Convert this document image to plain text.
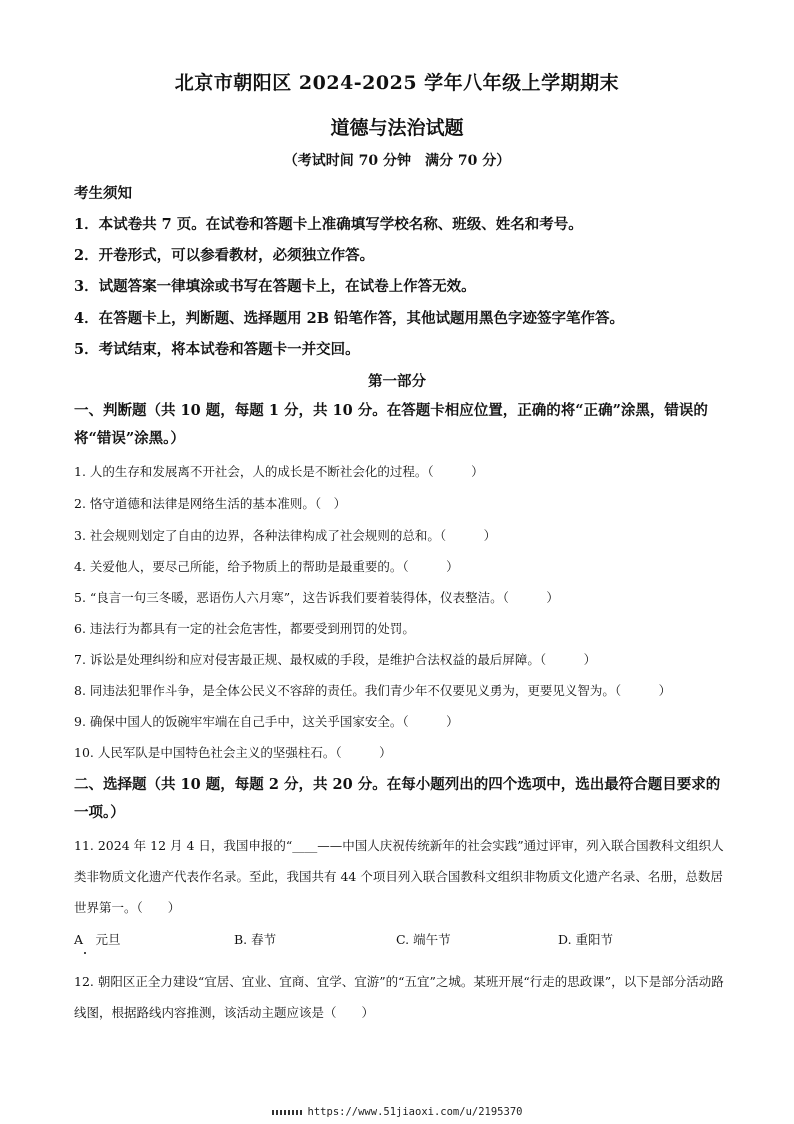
北京市朝阳区 2024-2025 学年八年级上学期期末
道德与法治试题
（考试时间 70 分钟　满分 70 分）
考生须知
1．本试卷共 7 页。在试卷和答题卡上准确填写学校名称、班级、姓名和考号。
2．开卷形式，可以参看教材，必须独立作答。
3．试题答案一律填涂或书写在答题卡上，在试卷上作答无效。
4．在答题卡上，判断题、选择题用 2B 铅笔作答，其他试题用黑色字迹签字笔作答。
5．考试结束，将本试卷和答题卡一并交回。
第一部分
一、判断题（共 10 题，每题 1 分，共 10 分。在答题卡相应位置，正确的将“正确”涂黑，错误的将“错误”涂黑。）
1. 人的生存和发展离不开社会，人的成长是不断社会化的过程。（　　　）
2. 恪守道德和法律是网络生活的基本准则。（　）
3. 社会规则划定了自由的边界，各种法律构成了社会规则的总和。（　　　）
4. 关爱他人，要尽己所能，给予物质上的帮助是最重要的。（　　　）
5. “良言一句三冬暖，恶语伤人六月寒”，这告诉我们要着装得体，仪表整洁。（　　　）
6. 违法行为都具有一定的社会危害性，都要受到刑罚的处罚。
7. 诉讼是处理纠纷和应对侵害最正规、最权威的手段，是维护合法权益的最后屏障。（　　　）
8. 同违法犯罪作斗争，是全体公民义不容辞的责任。我们青少年不仅要见义勇为，更要见义智为。（　　　）
9. 确保中国人的饭碗牢牢端在自己手中，这关乎国家安全。（　　　）
10. 人民军队是中国特色社会主义的坚强柱石。（　　　）
二、选择题（共 10 题，每题 2 分，共 20 分。在每小题列出的四个选项中，选出最符合题目要求的一项。）
11. 2024 年 12 月 4 日，我国申报的“____——中国人庆祝传统新年的社会实践”通过评审，列入联合国教科文组织人类非物质文化遗产代表作名录。至此，我国共有 44 个项目列入联合国教科文组织非物质文化遗产名录、名册，总数居世界第一。（　　）
A　元旦	B. 春节	C. 端午节	D. 重阳节
12. 朝阳区正全力建设“宜居、宜业、宜商、宜学、宜游”的“五宜”之城。某班开展“行走的思政课”，以下是部分活动路线图，根据路线内容推测，该活动主题应该是（　　）
https://www.51jiaoxi.com/u/2195370
